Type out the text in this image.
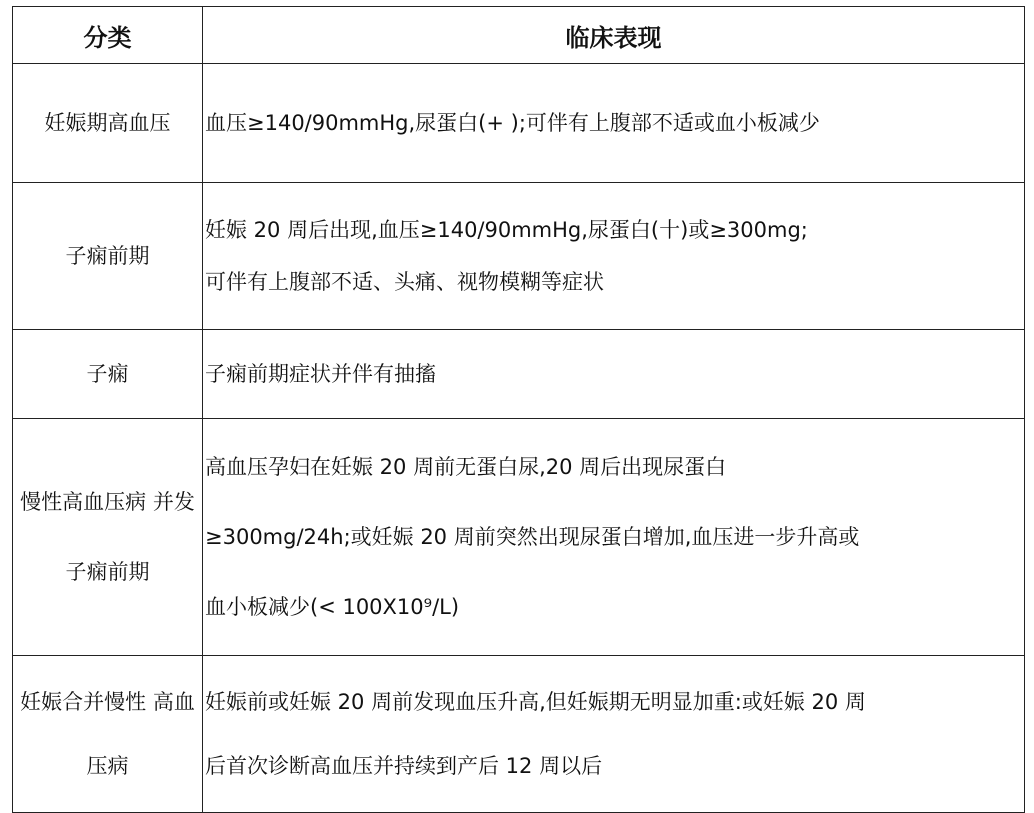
分类	临床表现
妊娠期高血压	血压≥140/90mmHg,尿蛋白(+ );可伴有上腹部不适或血小板减少

子痫前期	妊娠 20 周后出现,血压≥140/90mmHg,尿蛋白(十)或≥300mg;
可伴有上腹部不适、头痛、视物模糊等症状

子痫	子痫前期症状并伴有抽搐

慢性高血压病 并发子痫前期	高血压孕妇在妊娠 20 周前无蛋白尿,20 周后出现尿蛋白
≥300mg/24h;或妊娠 20 周前突然出现尿蛋白增加,血压进一步升高或
血小板减少(< 100X10⁹/L)

妊娠合并慢性 高血压病	妊娠前或妊娠 20 周前发现血压升高,但妊娠期无明显加重:或妊娠 20 周
后首次诊断高血压并持续到产后 12 周以后
